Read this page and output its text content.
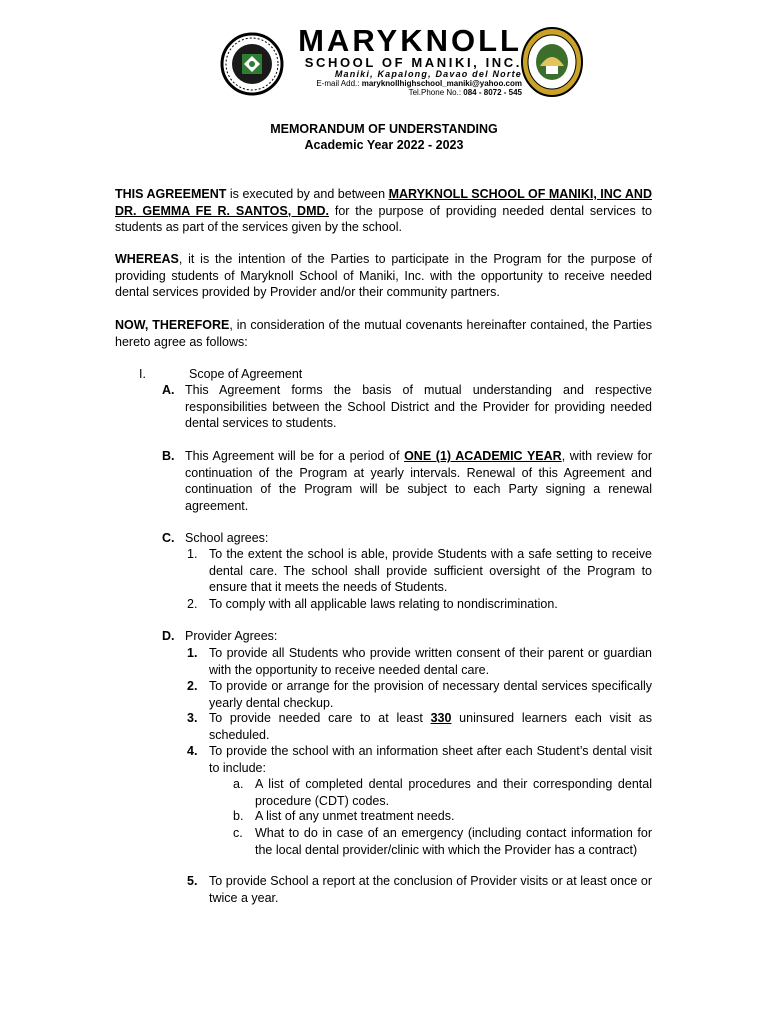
MARYKNOLL
SCHOOL OF MANIKI, INC.
Maniki, Kapalong, Davao del Norte
E-mail Add.: maryknollhighschool_maniki@yahoo.com
Tel.Phone No.: 084 - 8072 - 545
MEMORANDUM OF UNDERSTANDING
Academic Year 2022 - 2023
THIS AGREEMENT is executed by and between MARYKNOLL SCHOOL OF MANIKI, INC AND DR. GEMMA FE R. SANTOS, DMD. for the purpose of providing needed dental services to students as part of the services given by the school.
WHEREAS, it is the intention of the Parties to participate in the Program for the purpose of providing students of Maryknoll School of Maniki, Inc. with the opportunity to receive needed dental services provided by Provider and/or their community partners.
NOW, THEREFORE, in consideration of the mutual covenants hereinafter contained, the Parties hereto agree as follows:
I.	Scope of Agreement
A. This Agreement forms the basis of mutual understanding and respective responsibilities between the School District and the Provider for providing needed dental services to students.
B. This Agreement will be for a period of ONE (1) ACADEMIC YEAR, with review for continuation of the Program at yearly intervals. Renewal of this Agreement and continuation of the Program will be subject to each Party signing a renewal agreement.
C. School agrees:
1. To the extent the school is able, provide Students with a safe setting to receive dental care. The school shall provide sufficient oversight of the Program to ensure that it meets the needs of Students.
2. To comply with all applicable laws relating to nondiscrimination.
D. Provider Agrees:
1. To provide all Students who provide written consent of their parent or guardian with the opportunity to receive needed dental care.
2. To provide or arrange for the provision of necessary dental services specifically yearly dental checkup.
3. To provide needed care to at least 330 uninsured learners each visit as scheduled.
4. To provide the school with an information sheet after each Student’s dental visit to include:
a. A list of completed dental procedures and their corresponding dental procedure (CDT) codes.
b. A list of any unmet treatment needs.
c. What to do in case of an emergency (including contact information for the local dental provider/clinic with which the Provider has a contract)
5. To provide School a report at the conclusion of Provider visits or at least once or twice a year.
